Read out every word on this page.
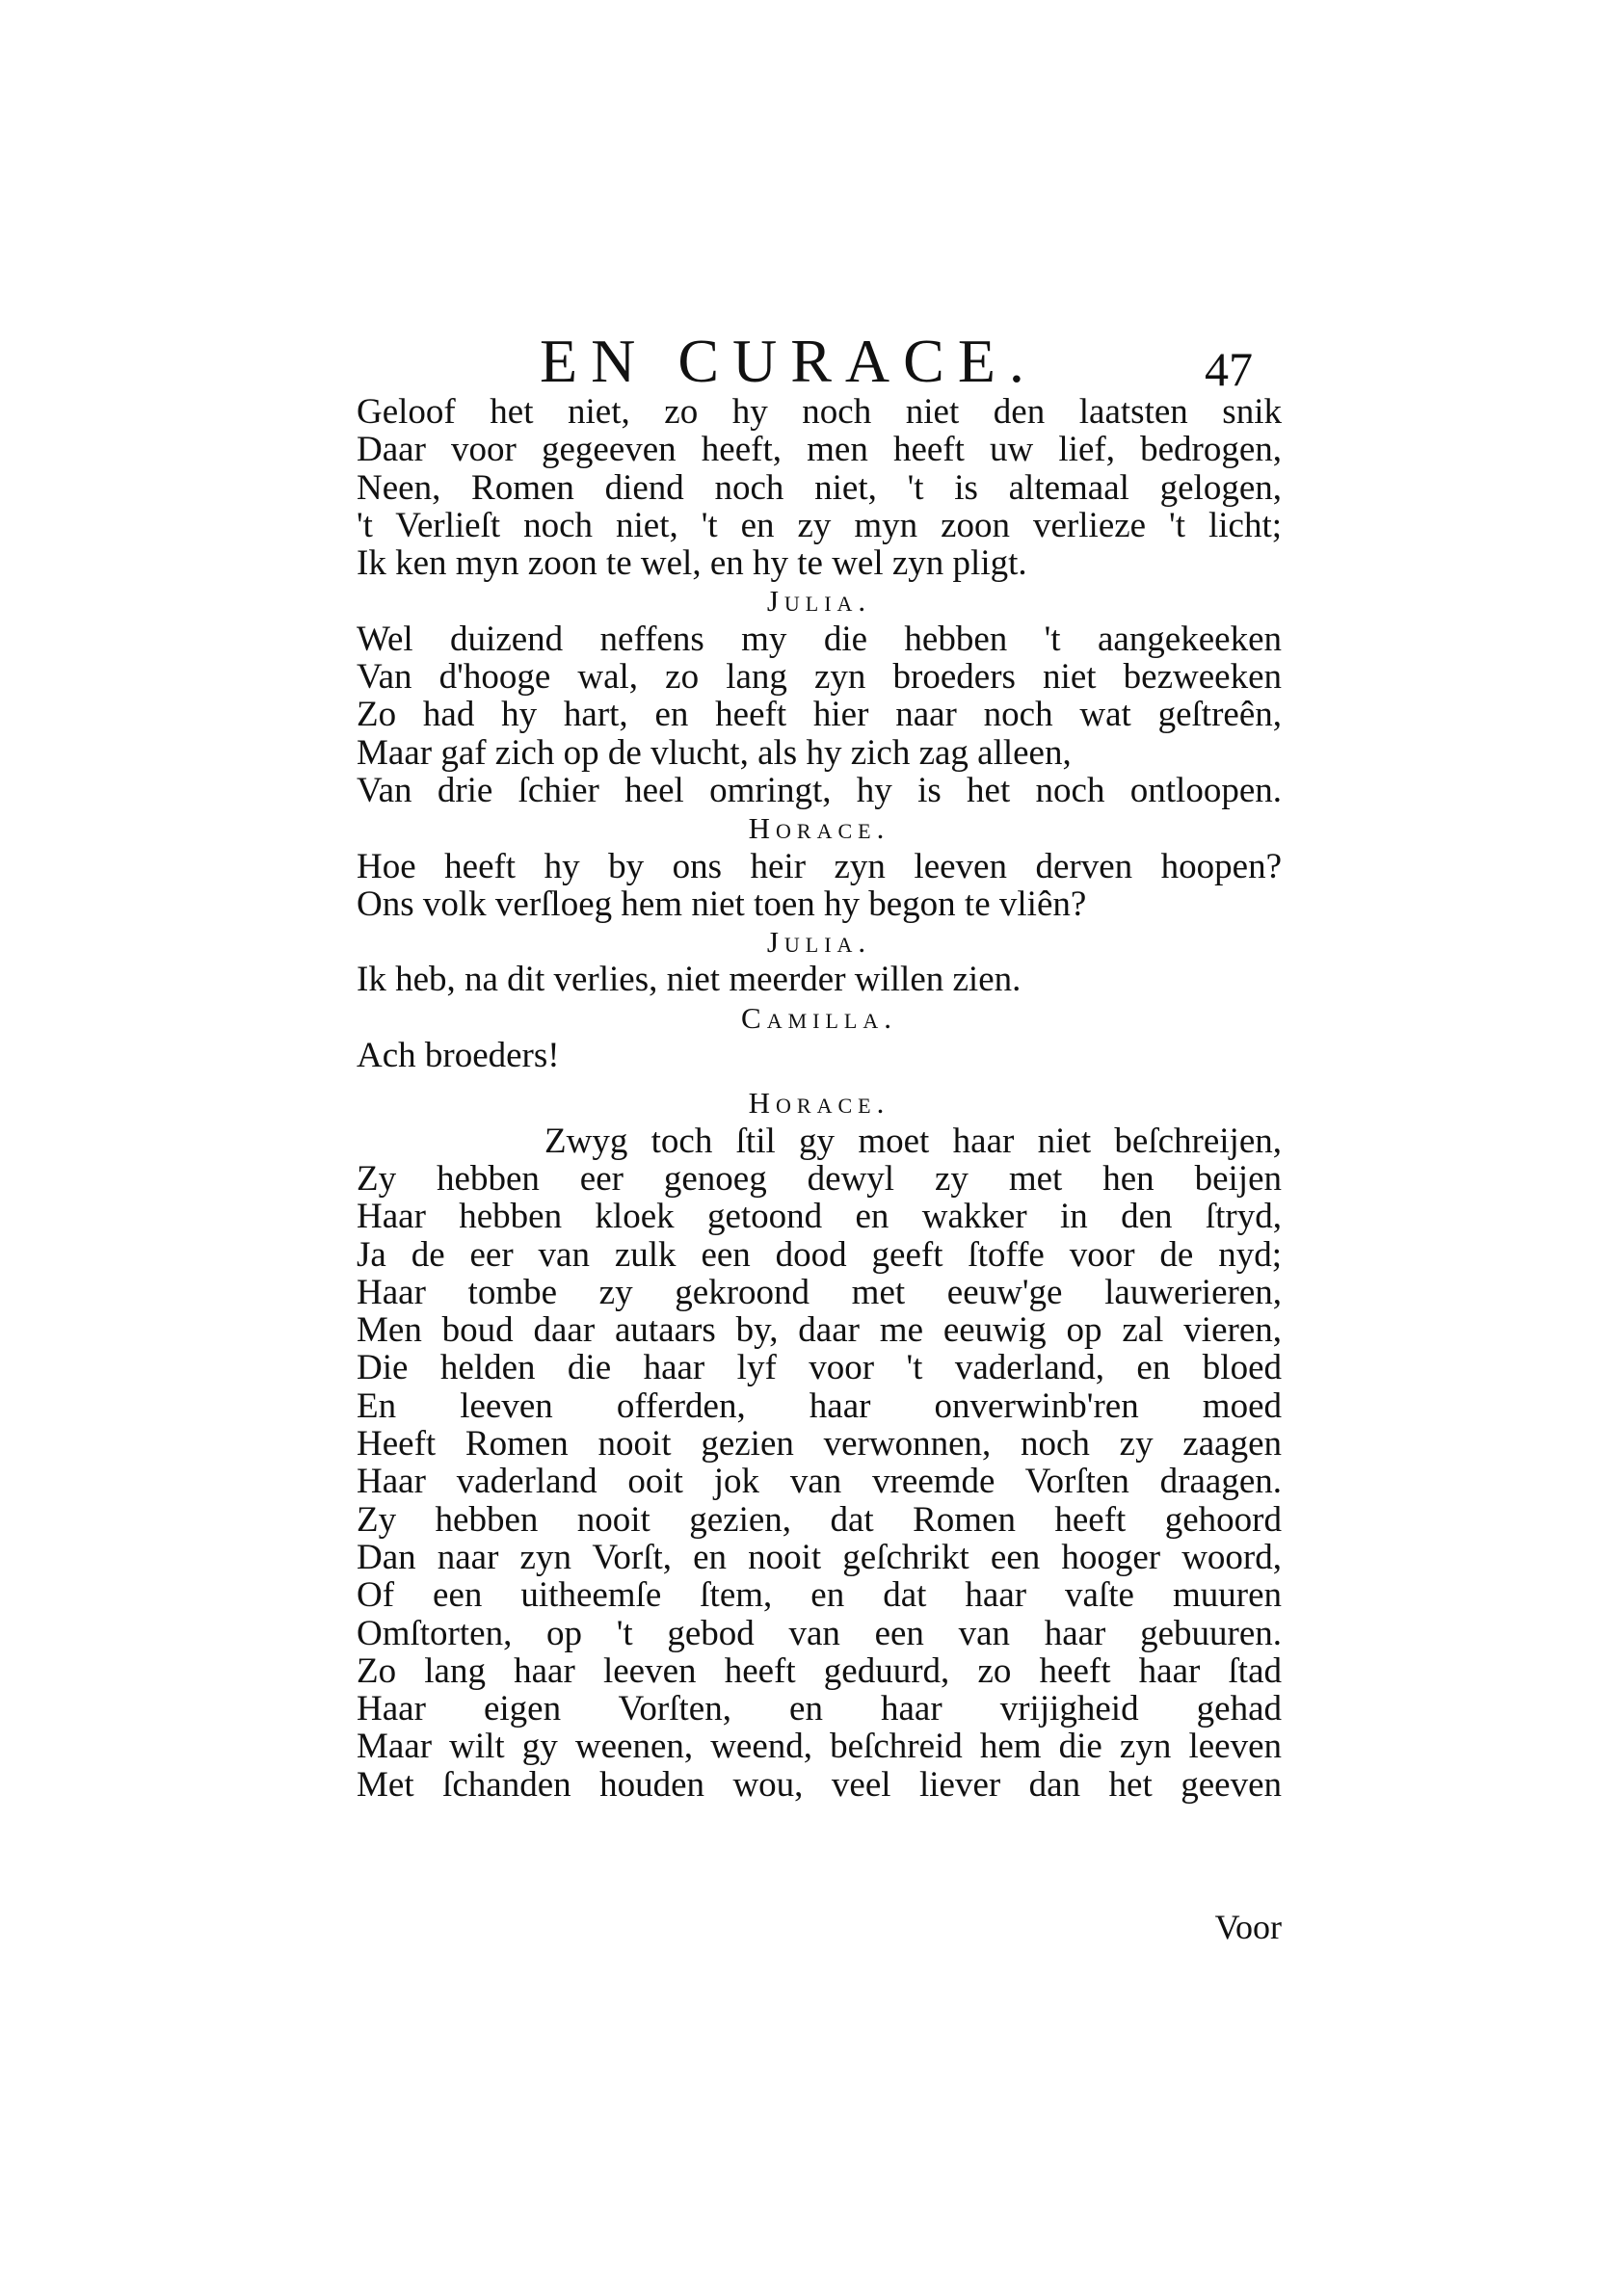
EN CURACE.	47

Geloof het niet, zo hy noch niet den laatsten snik

Daar voor gegeeven heeft, men heeft uw lief, bedrogen,

Neen, Romen diend noch niet, 't is altemaal gelogen,

't Verlieſt noch niet, 't en zy myn zoon verlieze 't licht;

Ik ken myn zoon te wel, en hy te wel zyn pligt.

Julia.

Wel duizend neffens my die hebben 't aangekeeken

Van d'hooge wal, zo lang zyn broeders niet bezweeken

Zo had hy hart, en heeft hier naar noch wat geſtreên,

Maar gaf zich op de vlucht, als hy zich zag alleen,

Van drie ſchier heel omringt, hy is het noch ontloopen.

Horace.

Hoe heeft hy by ons heir zyn leeven derven hoopen?

Ons volk verſloeg hem niet toen hy begon te vliên?

Julia.

Ik heb, na dit verlies, niet meerder willen zien.

Camilla.

Ach broeders!

Horace.

Zwyg toch ſtil gy moet haar niet beſchreijen,

Zy hebben eer genoeg dewyl zy met hen beijen

Haar hebben kloek getoond en wakker in den ſtryd,

Ja de eer van zulk een dood geeft ſtoffe voor de nyd;

Haar tombe zy gekroond met eeuw'ge lauwerieren,

Men boud daar autaars by, daar me eeuwig op zal vieren,

Die helden die haar lyf voor 't vaderland, en bloed

En leeven offerden, haar onverwinb'ren moed

Heeft Romen nooit gezien verwonnen, noch zy zaagen

Haar vaderland ooit jok van vreemde Vorſten draagen.

Zy hebben nooit gezien, dat Romen heeft gehoord

Dan naar zyn Vorſt, en nooit geſchrikt een hooger woord,

Of een uitheemſe ſtem, en dat haar vaſte muuren

Omſtorten, op 't gebod van een van haar gebuuren.

Zo lang haar leeven heeft geduurd, zo heeft haar ſtad

Haar eigen Vorſten, en haar vrijigheid gehad

Maar wilt gy weenen, weend, beſchreid hem die zyn leeven

Met ſchanden houden wou, veel liever dan het geeven

Voor
